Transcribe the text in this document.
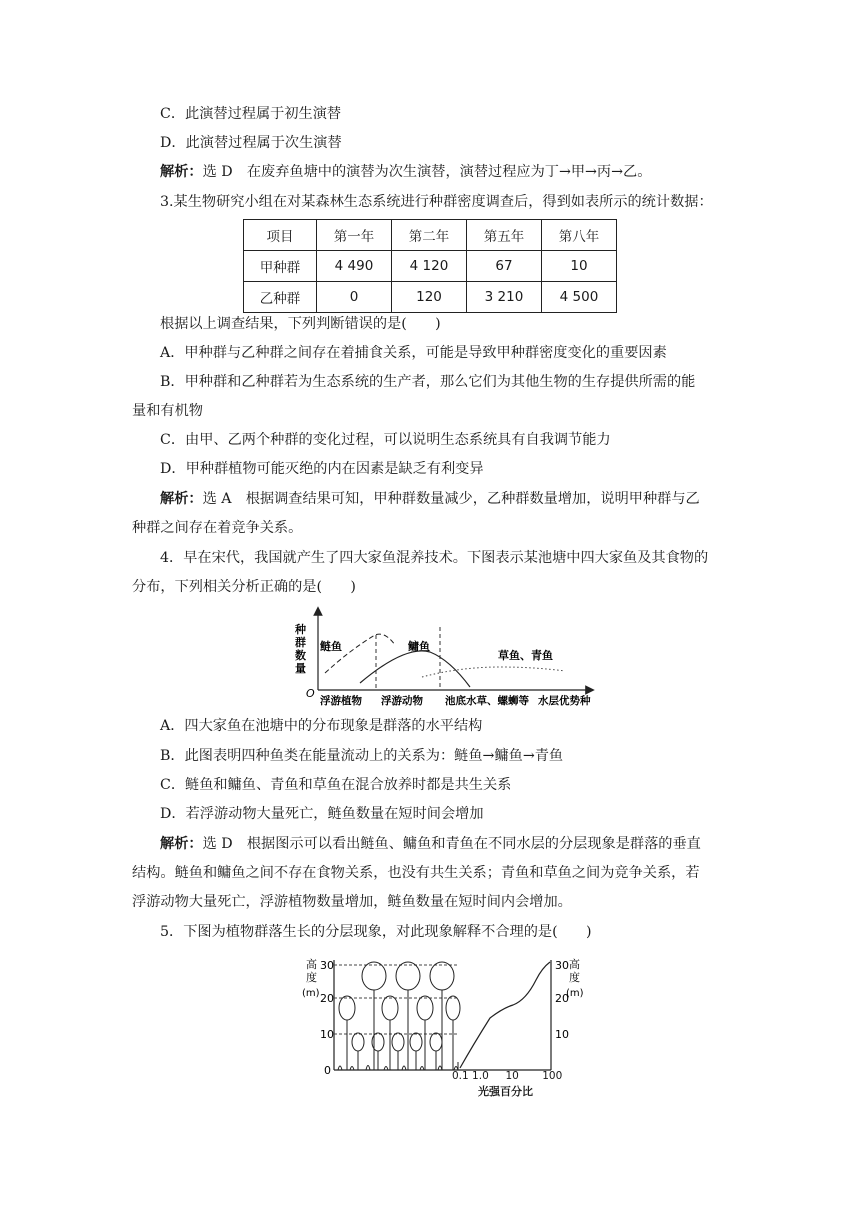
C．此演替过程属于初生演替
D．此演替过程属于次生演替
解析：选 D　在废弃鱼塘中的演替为次生演替，演替过程应为丁→甲→丙→乙。
3.某生物研究小组在对某森林生态系统进行种群密度调查后，得到如表所示的统计数据：
项目	第一年	第二年	第五年	第八年
甲种群	4 490	4 120	67	10
乙种群	0	120	3 210	4 500
根据以上调查结果，下列判断错误的是(　　)
A．甲种群与乙种群之间存在着捕食关系，可能是导致甲种群密度变化的重要因素
B．甲种群和乙种群若为生态系统的生产者，那么它们为其他生物的生存提供所需的能
量和有机物
C．由甲、乙两个种群的变化过程，可以说明生态系统具有自我调节能力
D．甲种群植物可能灭绝的内在因素是缺乏有利变异
解析：选 A　根据调查结果可知，甲种群数量减少，乙种群数量增加，说明甲种群与乙
种群之间存在着竞争关系。
4．早在宋代，我国就产生了四大家鱼混养技术。下图表示某池塘中四大家鱼及其食物的
分布，下列相关分析正确的是(　　)
种
群
数
量
O
鲢鱼	鳙鱼
草鱼、青鱼
浮游植物 浮游动物 池底水草、螺蛳等 水层优势种
A．四大家鱼在池塘中的分布现象是群落的水平结构
B．此图表明四种鱼类在能量流动上的关系为：鲢鱼→鳙鱼→青鱼
C．鲢鱼和鳙鱼、青鱼和草鱼在混合放养时都是共生关系
D．若浮游动物大量死亡，鲢鱼数量在短时间会增加
解析：选 D　根据图示可以看出鲢鱼、鳙鱼和青鱼在不同水层的分层现象是群落的垂直
结构。鲢鱼和鳙鱼之间不存在食物关系，也没有共生关系；青鱼和草鱼之间为竞争关系，若
浮游动物大量死亡，浮游植物数量增加，鲢鱼数量在短时间内会增加。
5．下图为植物群落生长的分层现象，对此现象解释不合理的是(　　)
30
20
10
0
高
度
(m)
30
20
10
高
度
(m)
0.1 1.0 10 100
光强百分比
